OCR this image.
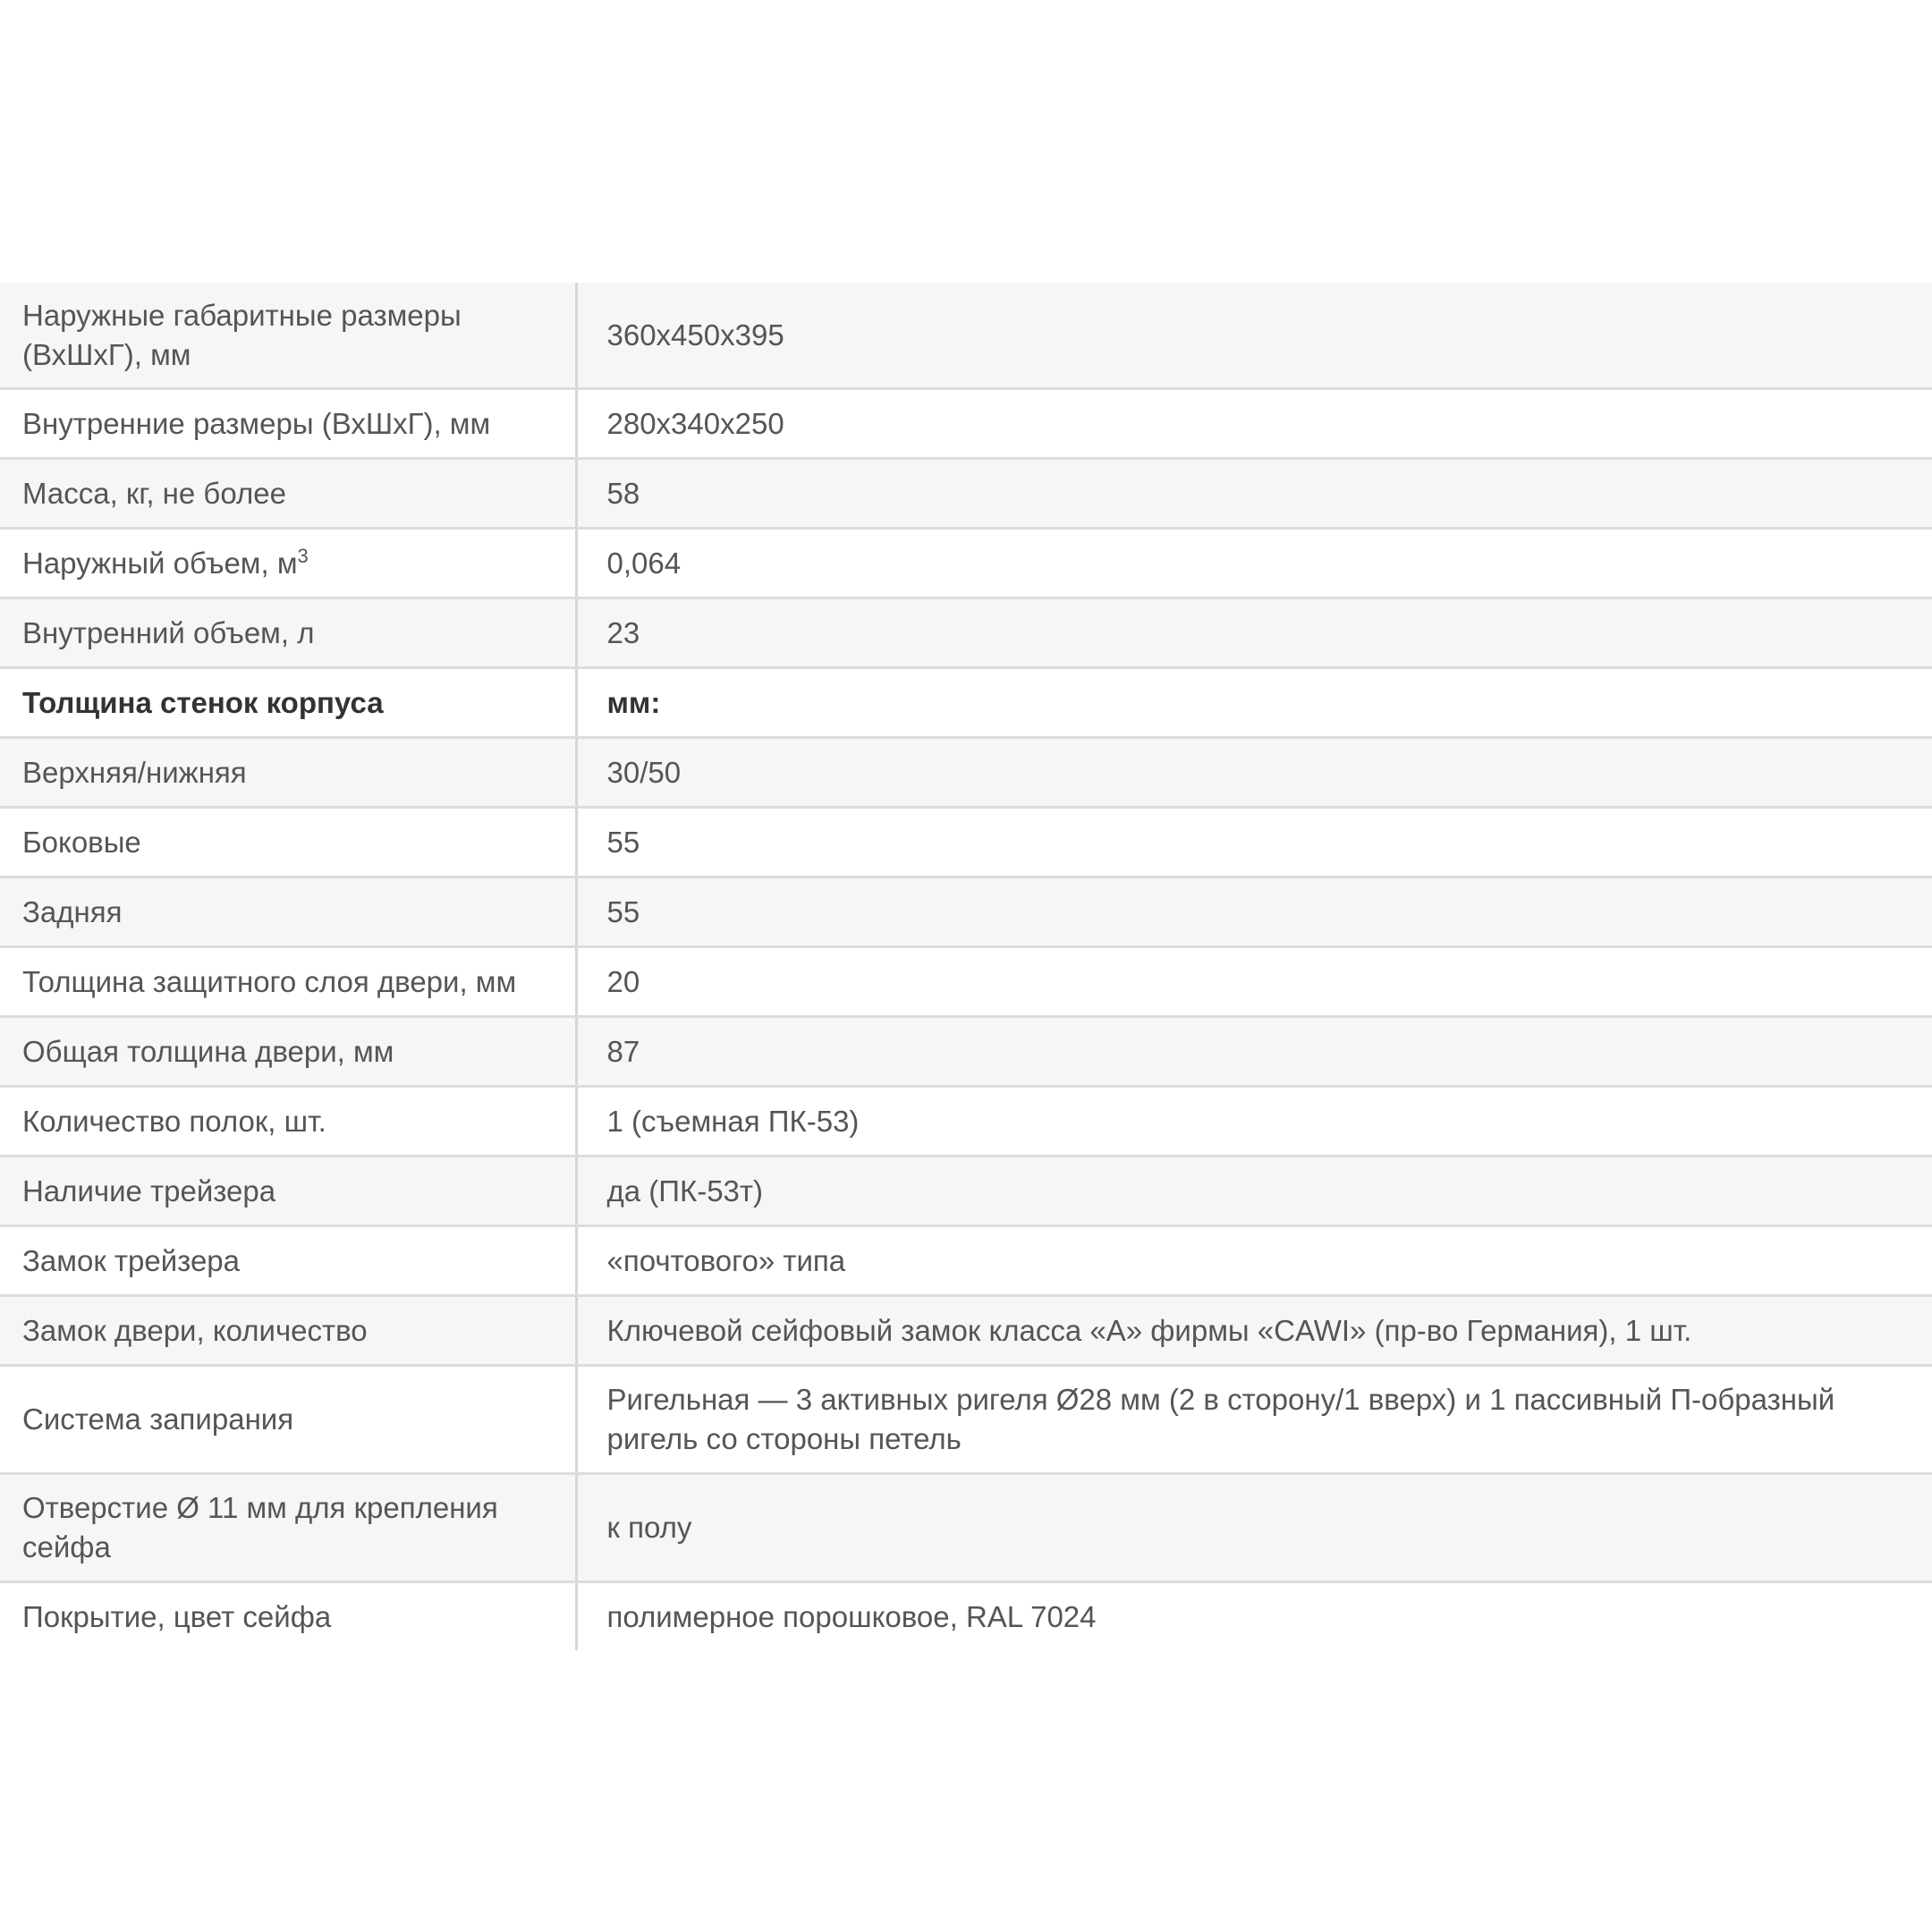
Наружные габаритные размеры (ВхШхГ), мм	360х450х395
Внутренние размеры (ВхШхГ), мм	280х340х250
Масса, кг, не более	58
Наружный объем, $м^3$	0,064
Внутренний объем, л	23
Толщина стенок корпуса	мм:
Верхняя/нижняя	30/50
Боковые	55
Задняя	55
Толщина защитного слоя двери, мм	20
Общая толщина двери, мм	87
Количество полок, шт.	1 (съемная ПК-53)
Наличие трейзера	да (ПК-53т)
Замок трейзера	«почтового» типа
Замок двери, количество	Ключевой сейфовый замок класса «А» фирмы «CAWI» (пр-во Германия), 1 шт.
Система запирания	Ригельная — 3 активных ригеля Ø28 мм (2 в сторону/1 вверх) и 1 пассивный П-образный ригель со стороны петель
Отверстие Ø 11 мм для крепления сейфа	к полу
Покрытие, цвет сейфа	полимерное порошковое, RAL 7024
